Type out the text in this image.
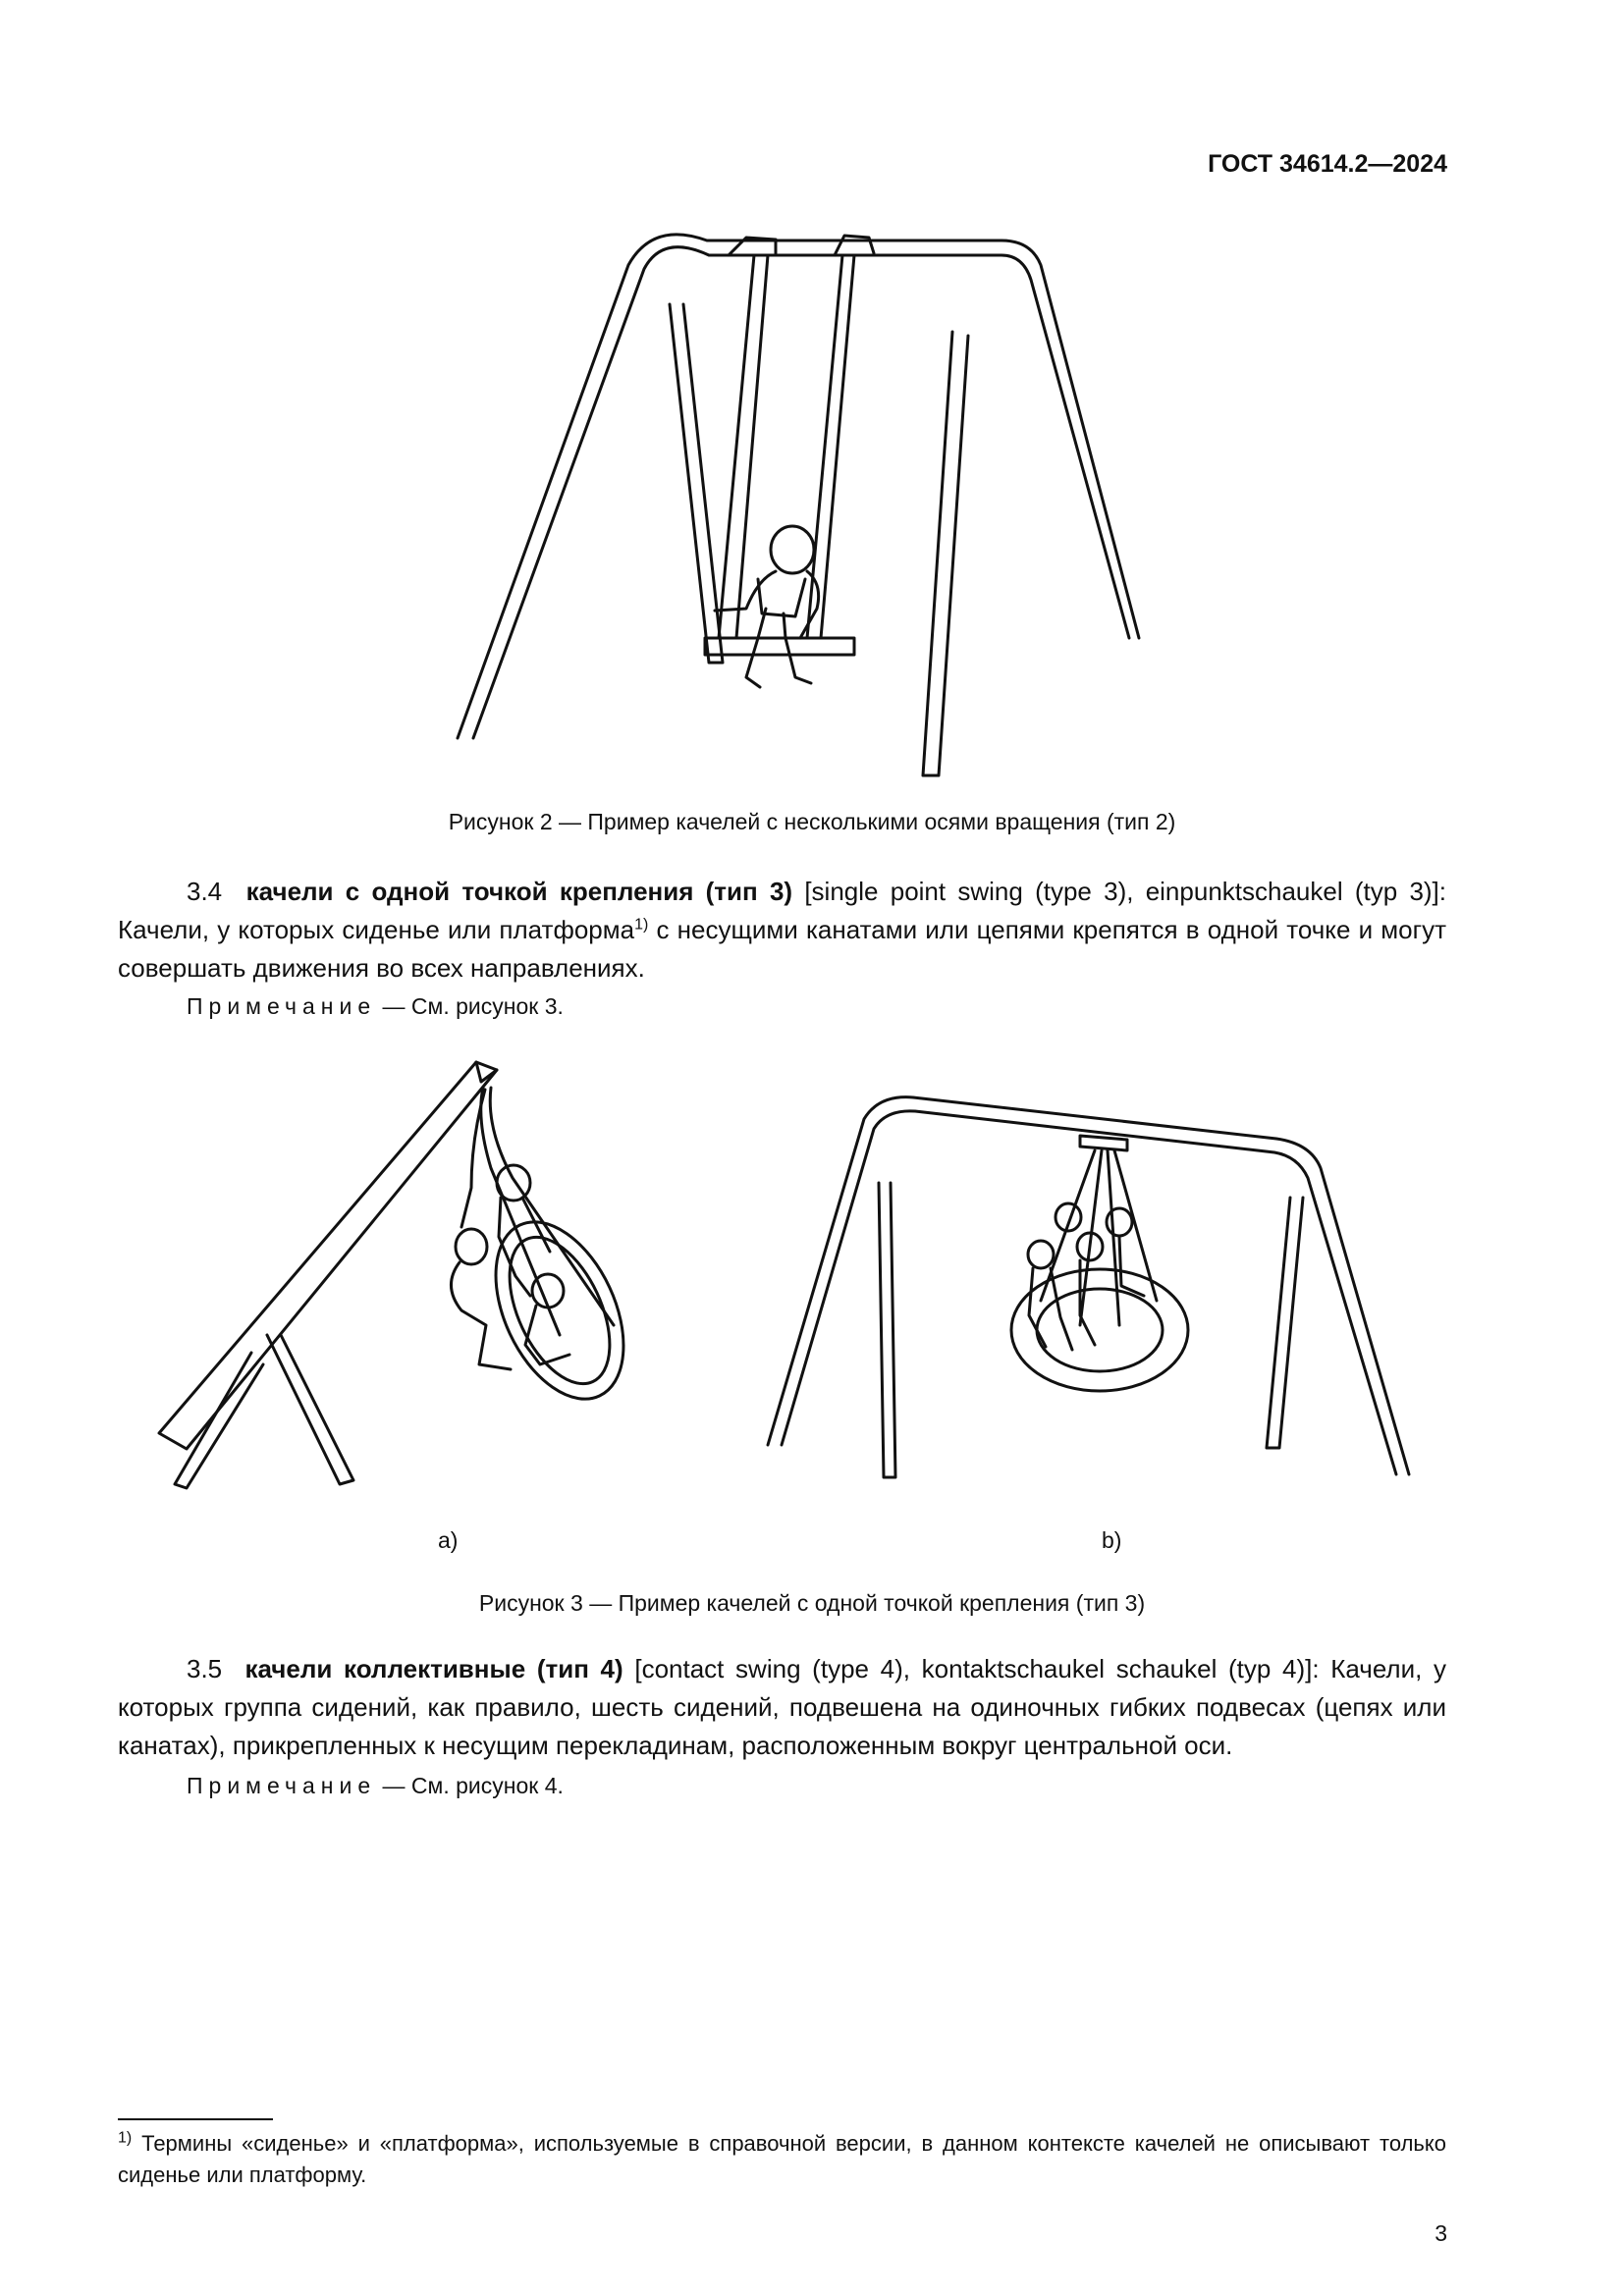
ГОСТ 34614.2—2024
Рисунок 2 — Пример качелей с несколькими осями вращения (тип 2)
3.4 качели с одной точкой крепления (тип 3) [single point swing (type 3), einpunktschaukel (typ 3)]: Качели, у которых сиденье или платформа$^{1)}$ с несущими канатами или цепями крепятся в одной точке и могут совершать движения во всех направлениях.
Примечание — См. рисунок 3.
a)	b)
Рисунок 3 — Пример качелей с одной точкой крепления (тип 3)
3.5 качели коллективные (тип 4) [contact swing (type 4), kontaktschaukel schaukel (typ 4)]: Качели, у которых группа сидений, как правило, шесть сидений, подвешена на одиночных гибких подвесах (цепях или канатах), прикрепленных к несущим перекладинам, расположенным вокруг центральной оси.
Примечание — См. рисунок 4.
$^{1)}$ Термины «сиденье» и «платформа», используемые в справочной версии, в данном контексте качелей не описывают только сиденье или платформу.
3
